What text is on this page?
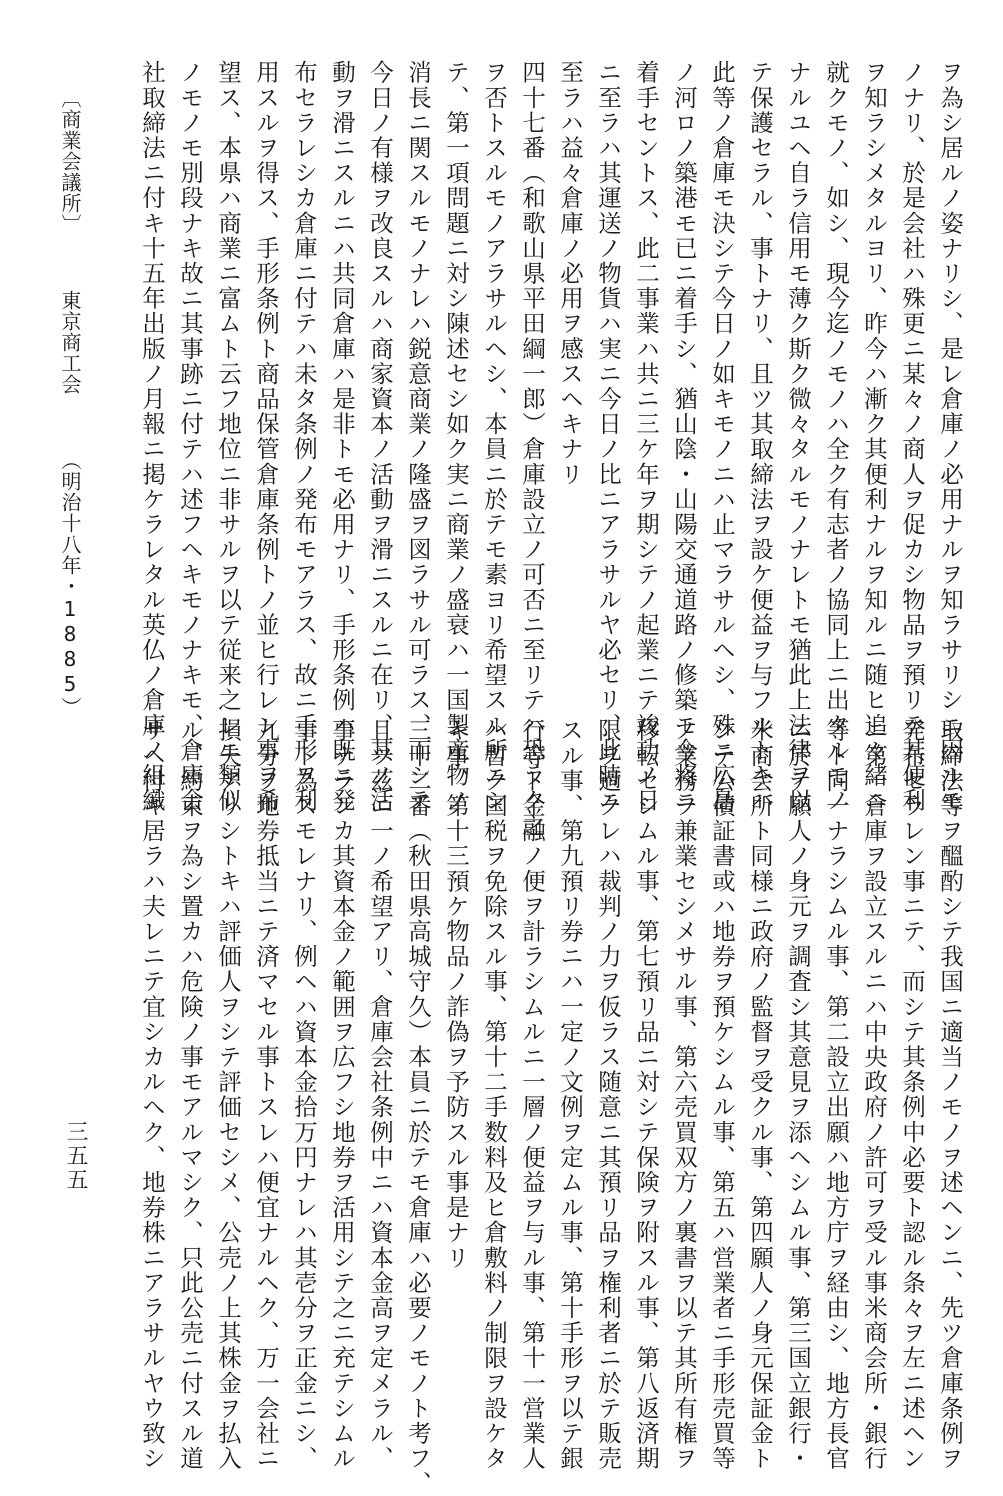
ヲ為シ居ルノ姿ナリシ、是レ倉庫ノ必用ナルヲ知ラサリシニ因ルモ
ノナリ、於是会社ハ殊更ニ某々ノ商人ヲ促カシ物品ヲ預リテ其便利
ヲ知ラシメタルヨリ、昨今ハ漸ク其便利ナルヲ知ルニ随ヒ追々緒ニ
就クモノ、如シ、現今迄ノモノハ全ク有志者ノ協同上ニ出タルモノ
ナルユヘ自ラ信用モ薄ク斯ク微々タルモノナレトモ猶此上法律ヲ以
テ保護セラル、事トナリ、且ツ其取締法ヲ設ケ便益ヲ与フルトキハ
此等ノ倉庫モ決シテ今日ノ如キモノニハ止マラサルヘシ、殊ニ広島
ノ河ロノ築港モ已ニ着手シ、猶山陰・山陽交通道路ノ修築モ今将ニ
着手セントス、此二事業ハ共ニ三ケ年ヲ期シテノ起業ニテ竣功ノ日
ニ至ラハ其運送ノ物貨ハ実ニ今日ノ比ニアラサルヤ必セリ、此時ニ
至ラハ益々倉庫ノ必用ヲ感スヘキナリ
四十七番（和歌山県平田綱一郎）倉庫設立ノ可否ニ至リテハ恐ラク之
ヲ否トスルモノアラサルヘシ、本員ニ於テモ素ヨリ希望スル所ニシ
テ、第一項問題ニ対シ陳述セシ如ク実ニ商業ノ盛衰ハ一国製産物ノ
消長ニ関スルモノナレハ鋭意商業ノ隆盛ヲ図ラサル可ラス、而シテ
今日ノ有様ヲ改良スルハ商家資本ノ活動ヲ滑ニスルニ在リ、其ノ活
動ヲ滑ニスルニハ共同倉庫ハ是非トモ必用ナリ、手形条例ハ既ニ発
布セラレシカ倉庫ニ付テハ未タ条例ノ発布モアラス、故ニ手形ヲ利
用スルヲ得ス、手形条例ト商品保管倉庫条例トノ並ヒ行レン事ヲ希
望ス、本県ハ商業ニ富ムト云フ地位ニ非サルヲ以テ従来之レニ類似
ノモノモ別段ナキ故ニ其事跡ニ付テハ述フヘキモノナキモ、倉庫会
社取締法ニ付キ十五年出版ノ月報ニ掲ケラレタル英仏ノ倉庫ノ組織
取締法等ヲ醞酌シテ我国ニ適当ノモノヲ述ヘンニ、先ツ倉庫条例ヲ
発布セラレン事ニテ、而シテ其条例中必要ト認ル条々ヲ左ニ述ヘン
ニ第一倉庫ヲ設立スルニハ中央政府ノ許可ヲ受ル事米商会所・銀行
等ト同一ナラシムル事、第二設立出願ハ地方庁ヲ経由シ、地方長官
ニ於テ願人ノ身元ヲ調査シ其意見ヲ添ヘシムル事、第三国立銀行・
米商会所ト同様ニ政府ノ監督ヲ受クル事、第四願人ノ身元保証金ト
シテ公債証書或ハ地券ヲ預ケシムル事、第五ハ営業者ニ手形売買等
ノ業務ヲ兼業セシメサル事、第六売買双方ノ裏書ヲ以テ其所有権ヲ
移転セシムル事、第七預リ品ニ対シテ保険ヲ附スル事、第八返済期
限ヲ過クレハ裁判ノ力ヲ仮ラス随意ニ其預リ品ヲ権利者ニ於テ販売
スル事、第九預リ券ニハ一定ノ文例ヲ定ムル事、第十手形ヲ以テ銀
行等ト金融ノ便ヲ計ラシムルニ一層ノ便益ヲ与ル事、第十一営業人
ハ暫ク国税ヲ免除スル事、第十二手数料及ヒ倉敷料ノ制限ヲ設ケタ
キ事、第十三預ケ物品ノ詐偽ヲ予防スル事是ナリ
三十二番（秋田県高城守久）本員ニ於テモ倉庫ハ必要ノモノト考フ、
且ツ茲ニ一ノ希望アリ、倉庫会社条例中ニハ資本金高ヲ定メラル、
事ナランカ其資本金ノ範囲ヲ広フシ地券ヲ活用シテ之ニ充テシムル
事ト為スモレナリ、例ヘハ資本金拾万円ナレハ其壱分ヲ正金ニシ、
九分ヲ地券抵当ニテ済マセル事トスレハ便宜ナルヘク、万一会社ニ
損失アリシトキハ評価人ヲシテ評価セシメ、公売ノ上其株金ヲ払入
ル、約束ヲ為シ置カハ危険ノ事モアルマシク、只此公売ニ付スル道
サヘ付キ居ラハ夫レニテ宜シカルヘク、地券株ニアラサルヤウ致シ
〔商業会議所〕 東京商工会 （明治十八年・1885）
三五五
